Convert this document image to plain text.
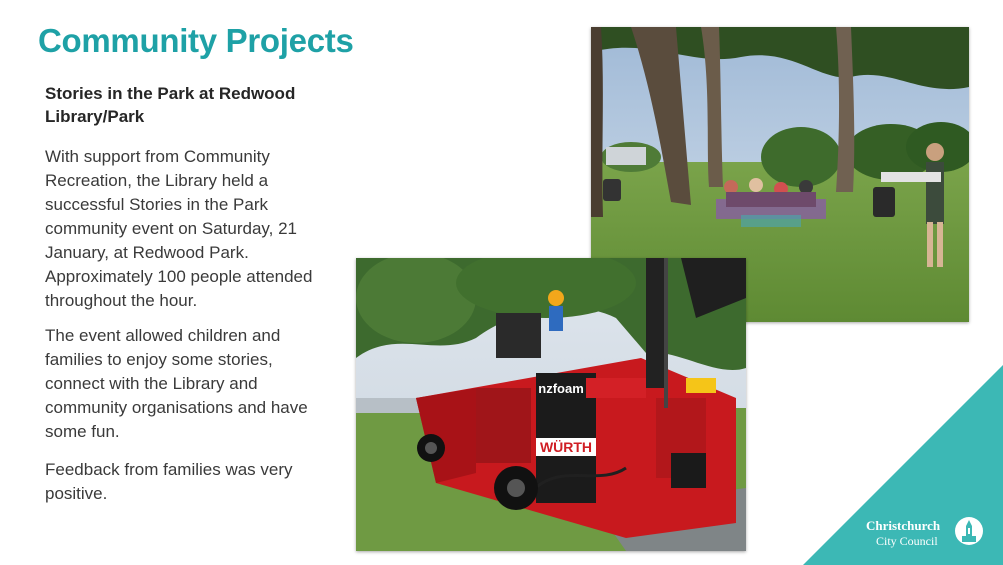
Community Projects
Stories in the Park at Redwood Library/Park
With support from Community Recreation, the Library held a successful Stories in the Park community event on Saturday, 21 January, at Redwood Park. Approximately 100 people attended throughout the hour.
The event allowed children and families to enjoy some stories, connect with the Library and community organisations and have some fun.
Feedback from families was very positive.
WÜRTH
nzfoam
Christchurch
City Council
